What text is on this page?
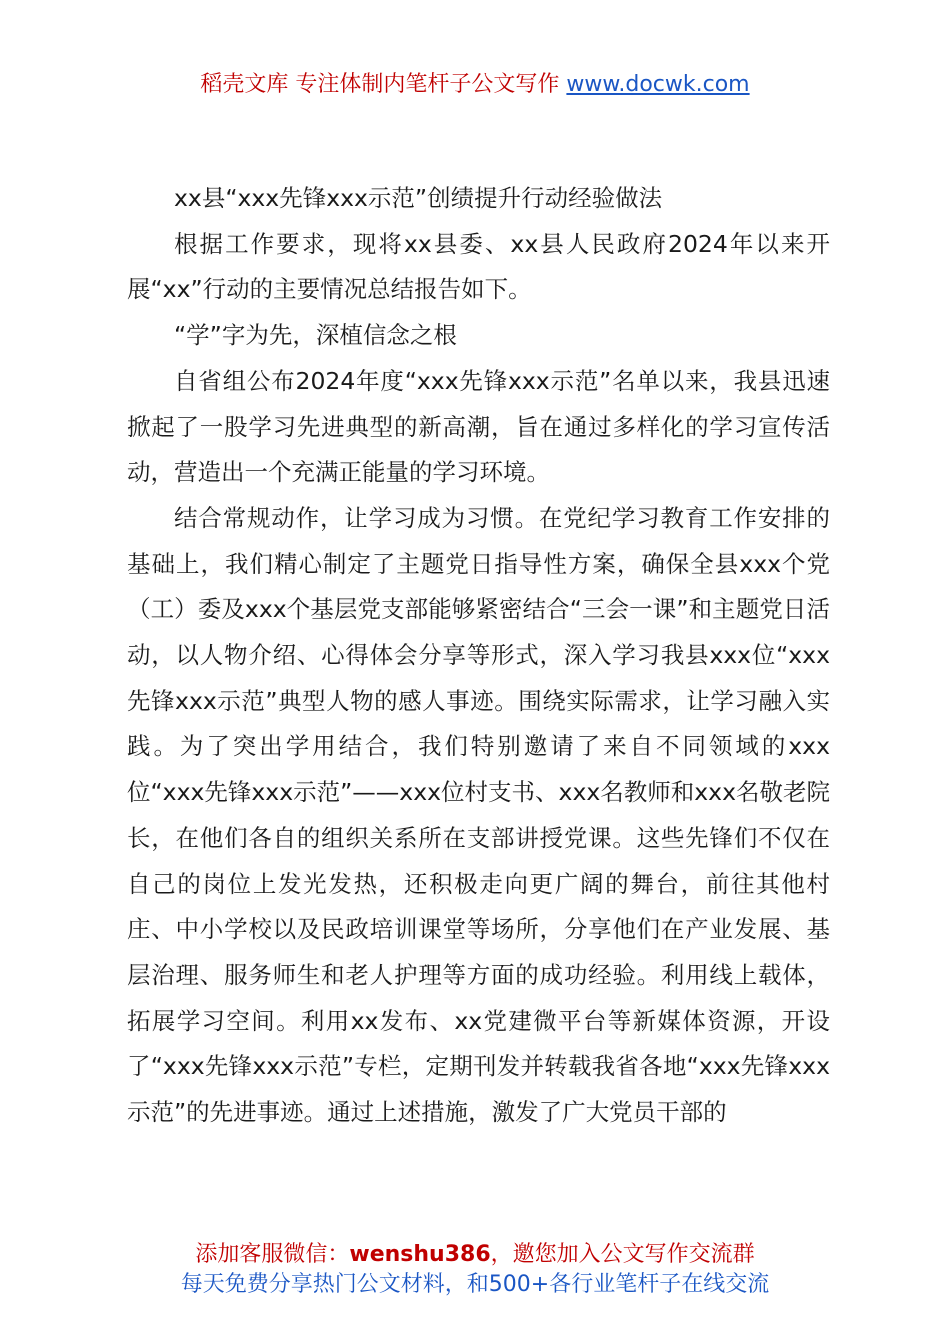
稻壳文库 专注体制内笔杆子公文写作 www.docwk.com

xx县“xxx先锋xxx示范”创绩提升行动经验做法

根据工作要求，现将xx县委、xx县人民政府2024年以来开展“xx”行动的主要情况总结报告如下。

“学”字为先，深植信念之根

自省组公布2024年度“xxx先锋xxx示范”名单以来，我县迅速掀起了一股学习先进典型的新高潮，旨在通过多样化的学习宣传活动，营造出一个充满正能量的学习环境。

结合常规动作，让学习成为习惯。在党纪学习教育工作安排的基础上，我们精心制定了主题党日指导性方案，确保全县xxx个党（工）委及xxx个基层党支部能够紧密结合“三会一课”和主题党日活动，以人物介绍、心得体会分享等形式，深入学习我县xxx位“xxx先锋xxx示范”典型人物的感人事迹。围绕实际需求，让学习融入实践。为了突出学用结合，我们特别邀请了来自不同领域的xxx位“xxx先锋xxx示范”——xxx位村支书、xxx名教师和xxx名敬老院长，在他们各自的组织关系所在支部讲授党课。这些先锋们不仅在自己的岗位上发光发热，还积极走向更广阔的舞台，前往其他村庄、中小学校以及民政培训课堂等场所，分享他们在产业发展、基层治理、服务师生和老人护理等方面的成功经验。利用线上载体，拓展学习空间。利用xx发布、xx党建微平台等新媒体资源，开设了“xxx先锋xxx示范”专栏，定期刊发并转载我省各地“xxx先锋xxx示范”的先进事迹。通过上述措施，激发了广大党员干部的

添加客服微信：wenshu386，邀您加入公文写作交流群
每天免费分享热门公文材料，和500+各行业笔杆子在线交流
